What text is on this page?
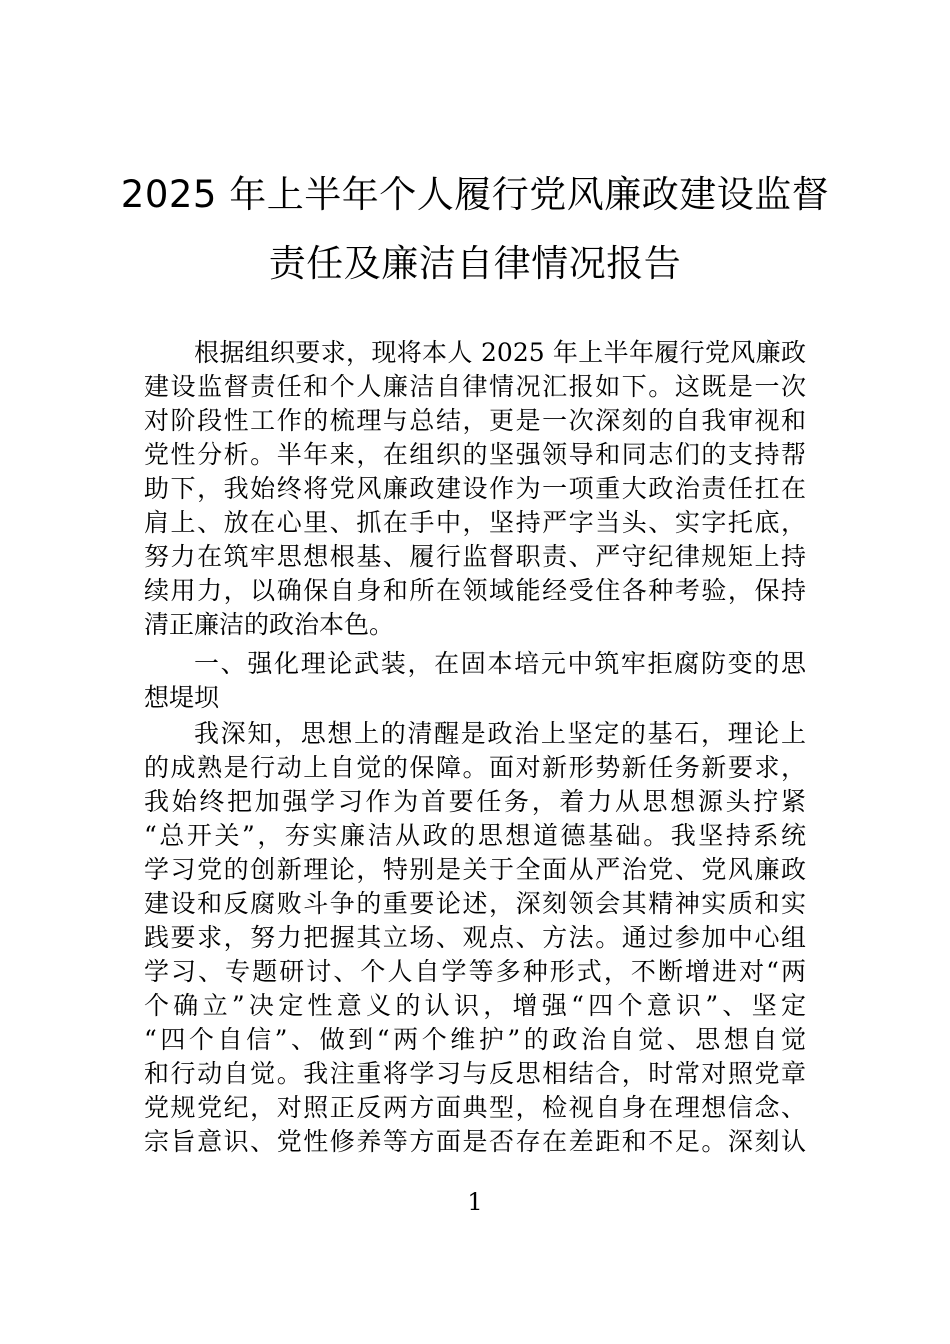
2025 年上半年个人履行党风廉政建设监督
责任及廉洁自律情况报告
根据组织要求，现将本人 2025 年上半年履行党风廉政
建设监督责任和个人廉洁自律情况汇报如下。这既是一次
对阶段性工作的梳理与总结，更是一次深刻的自我审视和
党性分析。半年来，在组织的坚强领导和同志们的支持帮
助下，我始终将党风廉政建设作为一项重大政治责任扛在
肩上、放在心里、抓在手中，坚持严字当头、实字托底，
努力在筑牢思想根基、履行监督职责、严守纪律规矩上持
续用力，以确保自身和所在领域能经受住各种考验，保持
清正廉洁的政治本色。
一、强化理论武装，在固本培元中筑牢拒腐防变的思
想堤坝
我深知，思想上的清醒是政治上坚定的基石，理论上
的成熟是行动上自觉的保障。面对新形势新任务新要求，
我始终把加强学习作为首要任务，着力从思想源头拧紧
“总开关”，夯实廉洁从政的思想道德基础。我坚持系统
学习党的创新理论，特别是关于全面从严治党、党风廉政
建设和反腐败斗争的重要论述，深刻领会其精神实质和实
践要求，努力把握其立场、观点、方法。通过参加中心组
学习、专题研讨、个人自学等多种形式，不断增进对“两
个确立”决定性意义的认识，增强“四个意识”、坚定
“四个自信”、做到“两个维护”的政治自觉、思想自觉
和行动自觉。我注重将学习与反思相结合，时常对照党章
党规党纪，对照正反两方面典型，检视自身在理想信念、
宗旨意识、党性修养等方面是否存在差距和不足。深刻认
1
